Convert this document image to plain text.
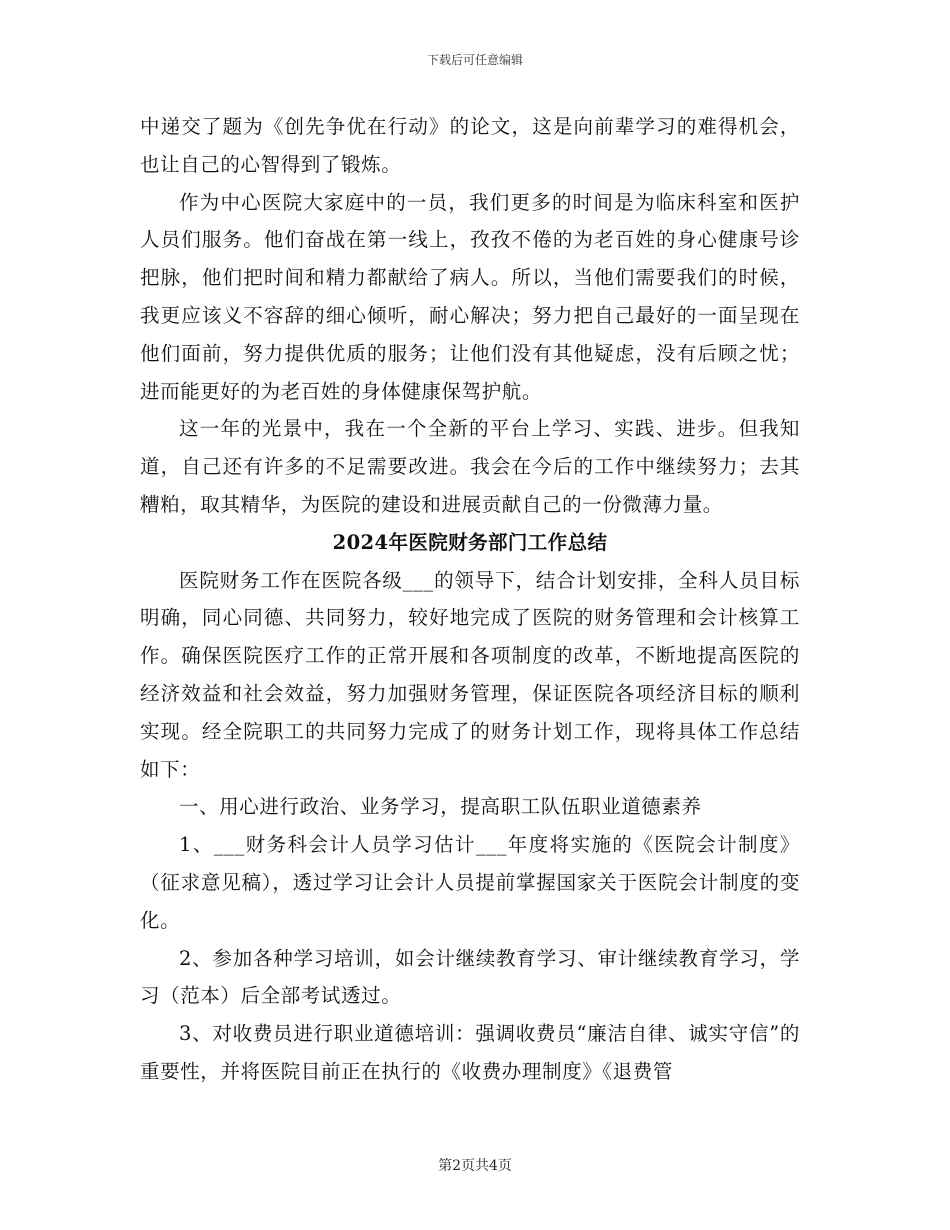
下载后可任意编辑

中递交了题为《创先争优在行动》的论文，这是向前辈学习的难得机会，也让自己的心智得到了锻炼。

作为中心医院大家庭中的一员，我们更多的时间是为临床科室和医护人员们服务。他们奋战在第一线上，孜孜不倦的为老百姓的身心健康号诊把脉，他们把时间和精力都献给了病人。所以，当他们需要我们的时候，我更应该义不容辞的细心倾听，耐心解决；努力把自己最好的一面呈现在他们面前，努力提供优质的服务；让他们没有其他疑虑，没有后顾之忧；进而能更好的为老百姓的身体健康保驾护航。

这一年的光景中，我在一个全新的平台上学习、实践、进步。但我知道，自己还有许多的不足需要改进。我会在今后的工作中继续努力；去其糟粕，取其精华，为医院的建设和进展贡献自己的一份微薄力量。

2024年医院财务部门工作总结

医院财务工作在医院各级___的领导下，结合计划安排，全科人员目标明确，同心同德、共同努力，较好地完成了医院的财务管理和会计核算工作。确保医院医疗工作的正常开展和各项制度的改革，不断地提高医院的经济效益和社会效益，努力加强财务管理，保证医院各项经济目标的顺利实现。经全院职工的共同努力完成了的财务计划工作，现将具体工作总结如下：

一、用心进行政治、业务学习，提高职工队伍职业道德素养

1、___财务科会计人员学习估计___年度将实施的《医院会计制度》（征求意见稿），透过学习让会计人员提前掌握国家关于医院会计制度的变化。

2、参加各种学习培训，如会计继续教育学习、审计继续教育学习，学习（范本）后全部考试透过。

3、对收费员进行职业道德培训：强调收费员“廉洁自律、诚实守信”的重要性，并将医院目前正在执行的《收费办理制度》《退费管

第2页共4页
